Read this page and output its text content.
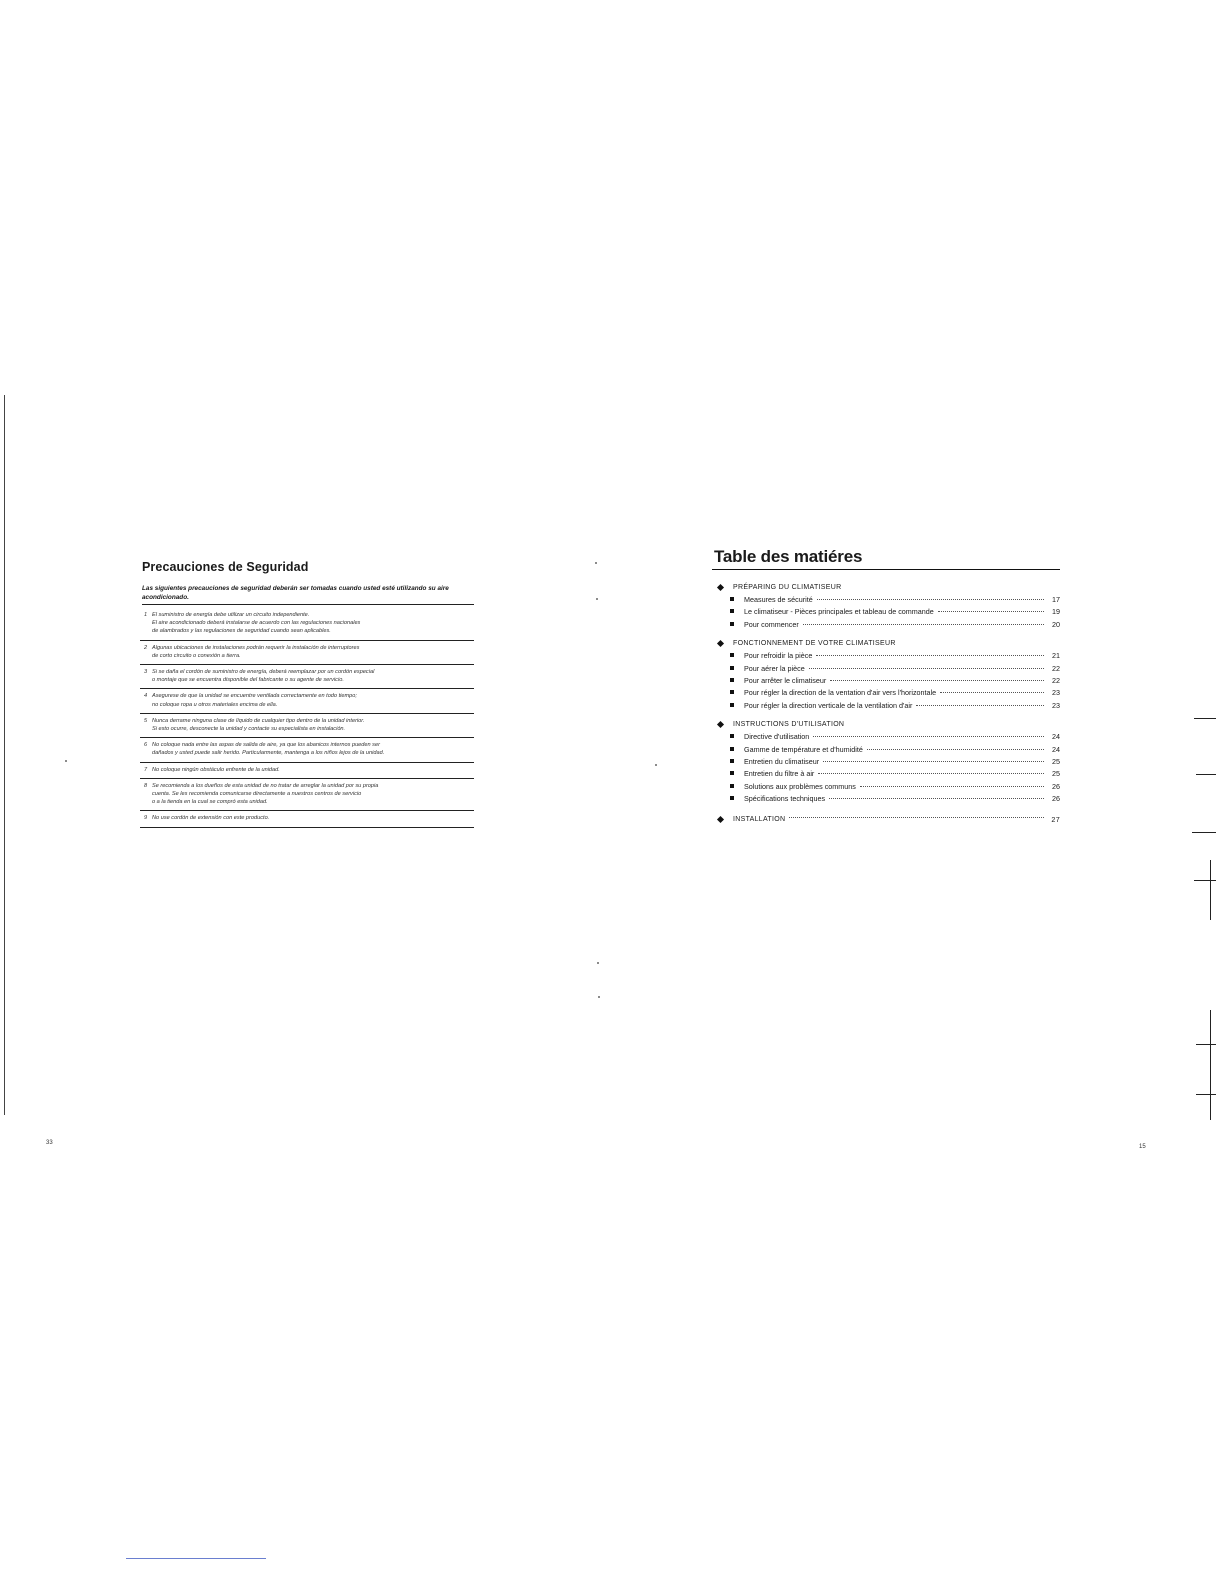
Precauciones de Seguridad
Las siguientes precauciones de seguridad deberán ser tomadas cuando usted esté utilizando su aire acondicionado.
1 El suministro de energía debe utilizar un circuito independiente.
El aire acondicionado deberá instalarse de acuerdo con las regulaciones nacionales
de alambrados y las regulaciones de seguridad cuando sean aplicables.
2 Algunas ubicaciones de instalaciones podrán requerir la instalación de interruptores
de corto circuito o conexión a tierra.
3 Si se daña el cordón de suministro de energía, deberá reemplazar por un cordón especial
o montaje que se encuentra disponible del fabricante o su agente de servicio.
4 Asegurese de que la unidad se encuentre ventilada correctamente en todo tiempo;
no coloque ropa u otros materiales encima de ella.
5 Nunca derrame ninguna clase de líquido de cualquier tipo dentro de la unidad interior.
Si esto ocurre, desconecte la unidad y contacte su especialista en instalación.
6 No coloque nada entre las aspas de salida de aire, ya que los abanicos internos pueden ser
dañados y usted puede salir herido. Particularmente, mantenga a los niños lejos de la unidad.
7 No coloque ningún obstáculo enfrente de la unidad.
8 Se recomienda a los dueños de esta unidad de no tratar de arreglar la unidad por su propia
cuenta. Se les recomienda comunicarse directamente a nuestros centros de servicio
o a la tienda en la cual se compró esta unidad.
9 No use cordón de extensión con este producto.
33
Table des matiéres
PRÉPARING DU CLIMATISEUR
Measures de sécurité	17
Le climatiseur - Pièces principales et tableau de commande	19
Pour commencer	20
FONCTIONNEMENT DE VOTRE CLIMATISEUR
Pour refroidir la pièce	21
Pour aérer la pièce	22
Pour arrêter le climatiseur	22
Pour régler la direction de la ventation d'air vers l'horizontale	23
Pour régler la direction verticale de la ventilation d'air	23
INSTRUCTIONS D'UTILISATION
Directive d'utilisation	24
Gamme de température et d'humidité	24
Entretien du climatiseur	25
Entretien du filtre à air	25
Solutions aux problèmes communs	26
Spécifications techniques	26
INSTALLATION	27
15
